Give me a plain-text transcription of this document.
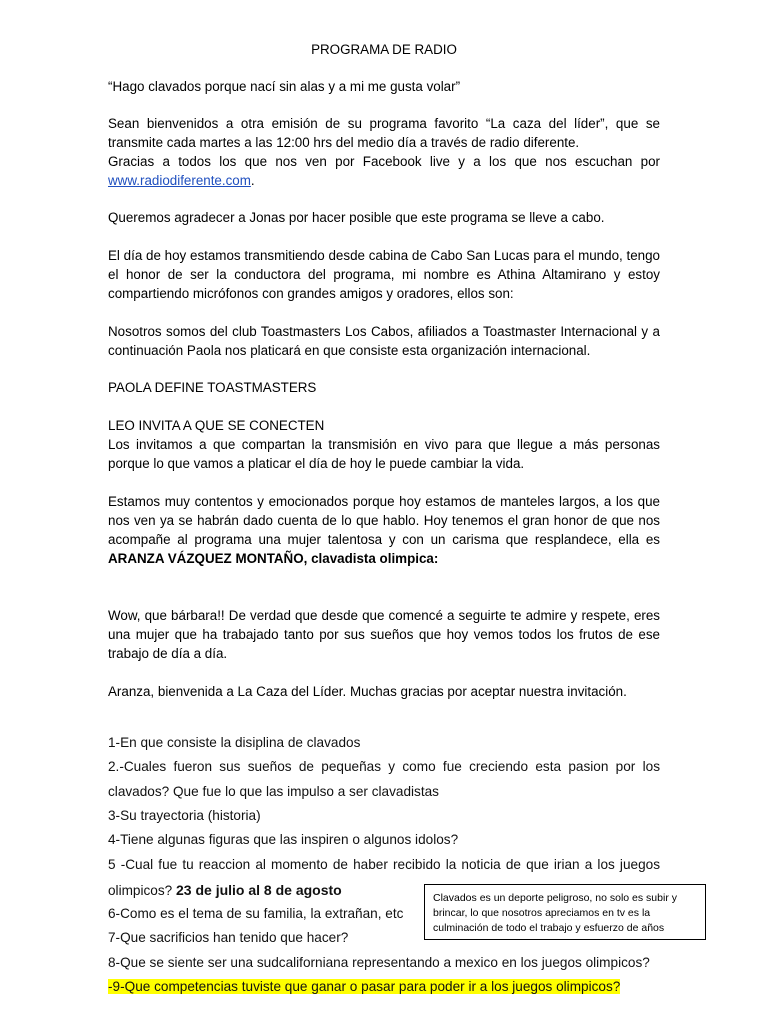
PROGRAMA DE RADIO

“Hago clavados porque nací sin alas y a mi me gusta volar”

Sean bienvenidos a otra emisión de su programa favorito “La caza del líder”, que se transmite cada martes a las 12:00 hrs del medio día a través de radio diferente.
Gracias a todos los que nos ven por Facebook live y a los que nos escuchan por www.radiodiferente.com.

Queremos agradecer a Jonas por hacer posible que este programa se lleve a cabo.

El día de hoy estamos transmitiendo desde cabina de Cabo San Lucas para el mundo, tengo el honor de ser la conductora del programa, mi nombre es Athina Altamirano y estoy compartiendo micrófonos con grandes amigos y oradores, ellos son:

Nosotros somos del club Toastmasters Los Cabos, afiliados a Toastmaster Internacional y a continuación Paola nos platicará en que consiste esta organización internacional.

PAOLA DEFINE TOASTMASTERS

LEO INVITA A QUE SE CONECTEN
Los invitamos a que compartan la transmisión en vivo para que llegue a más personas porque lo que vamos a platicar el día de hoy le puede cambiar la vida.

Estamos muy contentos y emocionados porque hoy estamos de manteles largos, a los que nos ven ya se habrán dado cuenta de lo que hablo. Hoy tenemos el gran honor de que nos acompañe al programa una mujer talentosa y con un carisma que resplandece, ella es ARANZA VÁZQUEZ MONTAÑO, clavadista olimpica:

Wow, que bárbara!! De verdad que desde que comencé a seguirte te admire y respete, eres una mujer que ha trabajado tanto por sus sueños que hoy vemos todos los frutos de ese trabajo de día a día.

Aranza, bienvenida a La Caza del Líder. Muchas gracias por aceptar nuestra invitación.

1-En que consiste la disiplina de clavados

2.-Cuales fueron sus sueños de pequeñas y como fue creciendo esta pasion por los clavados? Que fue lo que las impulso a ser clavadistas

3-Su trayectoria (historia)

4-Tiene algunas figuras que las inspiren o algunos idolos?

5 -Cual fue tu reaccion al momento de haber recibido la noticia de que irian a los juegos olimpicos? 23 de julio al 8 de agosto

6-Como es el tema de su familia, la extrañan, etc

7-Que sacrificios han tenido que hacer?

8-Que se siente ser una sudcaliforniana representando a mexico en los juegos olimpicos?

-9-Que competencias tuviste que ganar o pasar para poder ir a los juegos olimpicos?

Clavados es un deporte peligroso, no solo es subir y brincar, lo que nosotros apreciamos en tv es la culminación de todo el trabajo y esfuerzo de años
